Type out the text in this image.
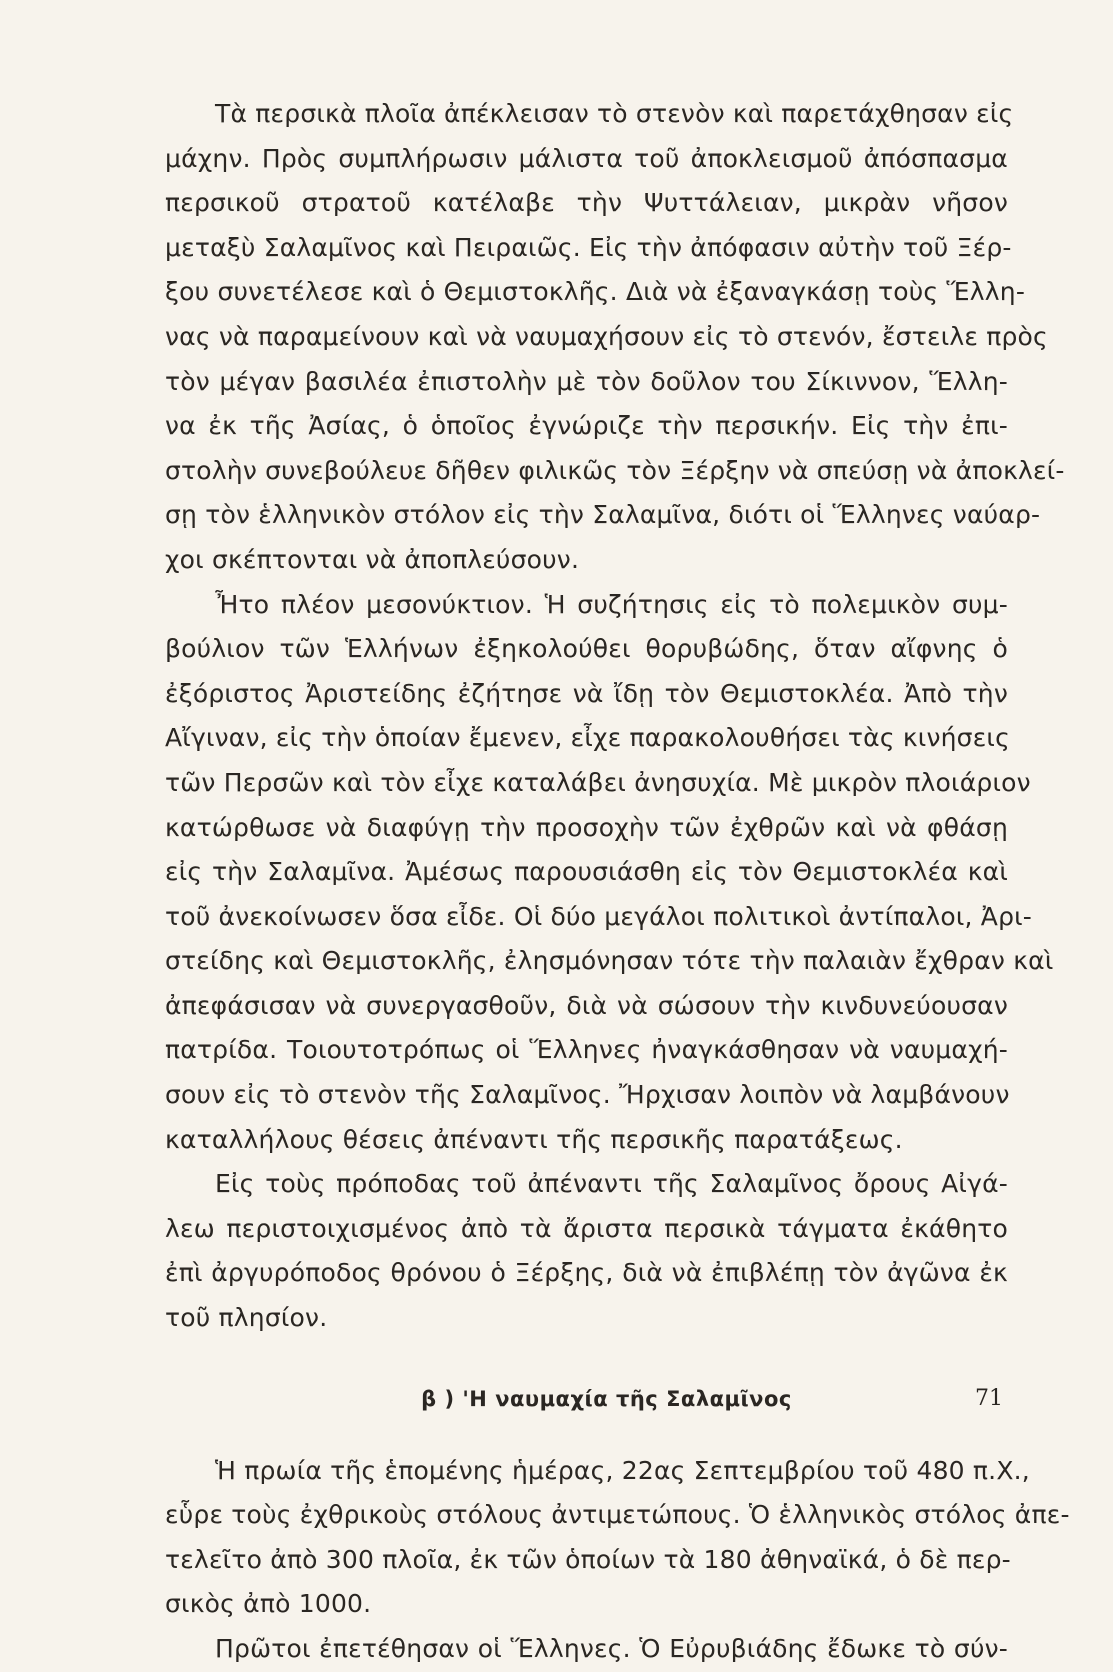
Τὰ περσικὰ πλοῖα ἀπέκλεισαν τὸ στενὸν καὶ παρετάχθησαν εἰς
μάχην. Πρὸς συμπλήρωσιν μάλιστα τοῦ ἀποκλεισμοῦ ἀπόσπασμα
περσικοῦ στρατοῦ κατέλαβε τὴν Ψυττάλειαν, μικρὰν νῆσον
μεταξὺ Σαλαμῖνος καὶ Πειραιῶς. Εἰς τὴν ἀπόφασιν αὐτὴν τοῦ Ξέρ-
ξου συνετέλεσε καὶ ὁ Θεμιστοκλῆς. Διὰ νὰ ἐξαναγκάσῃ τοὺς Ἕλλη-
νας νὰ παραμείνουν καὶ νὰ ναυμαχήσουν εἰς τὸ στενόν, ἔστειλε πρὸς
τὸν μέγαν βασιλέα ἐπιστολὴν μὲ τὸν δοῦλον του Σίκιννον, Ἕλλη-
να ἐκ τῆς Ἀσίας, ὁ ὁποῖος ἐγνώριζε τὴν περσικήν. Εἰς τὴν ἐπι-
στολὴν συνεβούλευε δῆθεν φιλικῶς τὸν Ξέρξην νὰ σπεύσῃ νὰ ἀποκλεί-
σῃ τὸν ἑλληνικὸν στόλον εἰς τὴν Σαλαμῖνα, διότι οἱ Ἕλληνες ναύαρ-
χοι σκέπτονται νὰ ἀποπλεύσουν.
Ἦτο πλέον μεσονύκτιον. Ἡ συζήτησις εἰς τὸ πολεμικὸν συμ-
βούλιον τῶν Ἑλλήνων ἐξηκολούθει θορυβώδης, ὅταν αἴφνης ὁ
ἐξόριστος Ἀριστείδης ἐζήτησε νὰ ἴδῃ τὸν Θεμιστοκλέα. Ἀπὸ τὴν
Αἴγιναν, εἰς τὴν ὁποίαν ἔμενεν, εἶχε παρακολουθήσει τὰς κινήσεις
τῶν Περσῶν καὶ τὸν εἶχε καταλάβει ἀνησυχία. Μὲ μικρὸν πλοιάριον
κατώρθωσε νὰ διαφύγῃ τὴν προσοχὴν τῶν ἐχθρῶν καὶ νὰ φθάσῃ
εἰς τὴν Σαλαμῖνα. Ἀμέσως παρουσιάσθη εἰς τὸν Θεμιστοκλέα καὶ
τοῦ ἀνεκοίνωσεν ὅσα εἶδε. Οἱ δύο μεγάλοι πολιτικοὶ ἀντίπαλοι, Ἀρι-
στείδης καὶ Θεμιστοκλῆς, ἐλησμόνησαν τότε τὴν παλαιὰν ἔχθραν καὶ
ἀπεφάσισαν νὰ συνεργασθοῦν, διὰ νὰ σώσουν τὴν κινδυνεύουσαν
πατρίδα. Τοιουτοτρόπως οἱ Ἕλληνες ἠναγκάσθησαν νὰ ναυμαχή-
σουν εἰς τὸ στενὸν τῆς Σαλαμῖνος. Ἤρχισαν λοιπὸν νὰ λαμβάνουν
καταλλήλους θέσεις ἀπέναντι τῆς περσικῆς παρατάξεως.
Εἰς τοὺς πρόποδας τοῦ ἀπέναντι τῆς Σαλαμῖνος ὄρους Αἰγά-
λεω περιστοιχισμένος ἀπὸ τὰ ἄριστα περσικὰ τάγματα ἐκάθητο
ἐπὶ ἀργυρόποδος θρόνου ὁ Ξέρξης, διὰ νὰ ἐπιβλέπῃ τὸν ἀγῶνα ἐκ
τοῦ πλησίον.
β ) 'Η ναυμαχία τῆς Σαλαμῖνος
Ἡ πρωία τῆς ἑπομένης ἡμέρας, 22ας Σεπτεμβρίου τοῦ 480 π.Χ.,
εὗρε τοὺς ἐχθρικοὺς στόλους ἀντιμετώπους. Ὁ ἑλληνικὸς στόλος ἀπε-
τελεῖτο ἀπὸ 300 πλοῖα, ἐκ τῶν ὁποίων τὰ 180 ἀθηναϊκά, ὁ δὲ περ-
σικὸς ἀπὸ 1000.
Πρῶτοι ἐπετέθησαν οἱ Ἕλληνες. Ὁ Εὐρυβιάδης ἔδωκε τὸ σύν-
71
